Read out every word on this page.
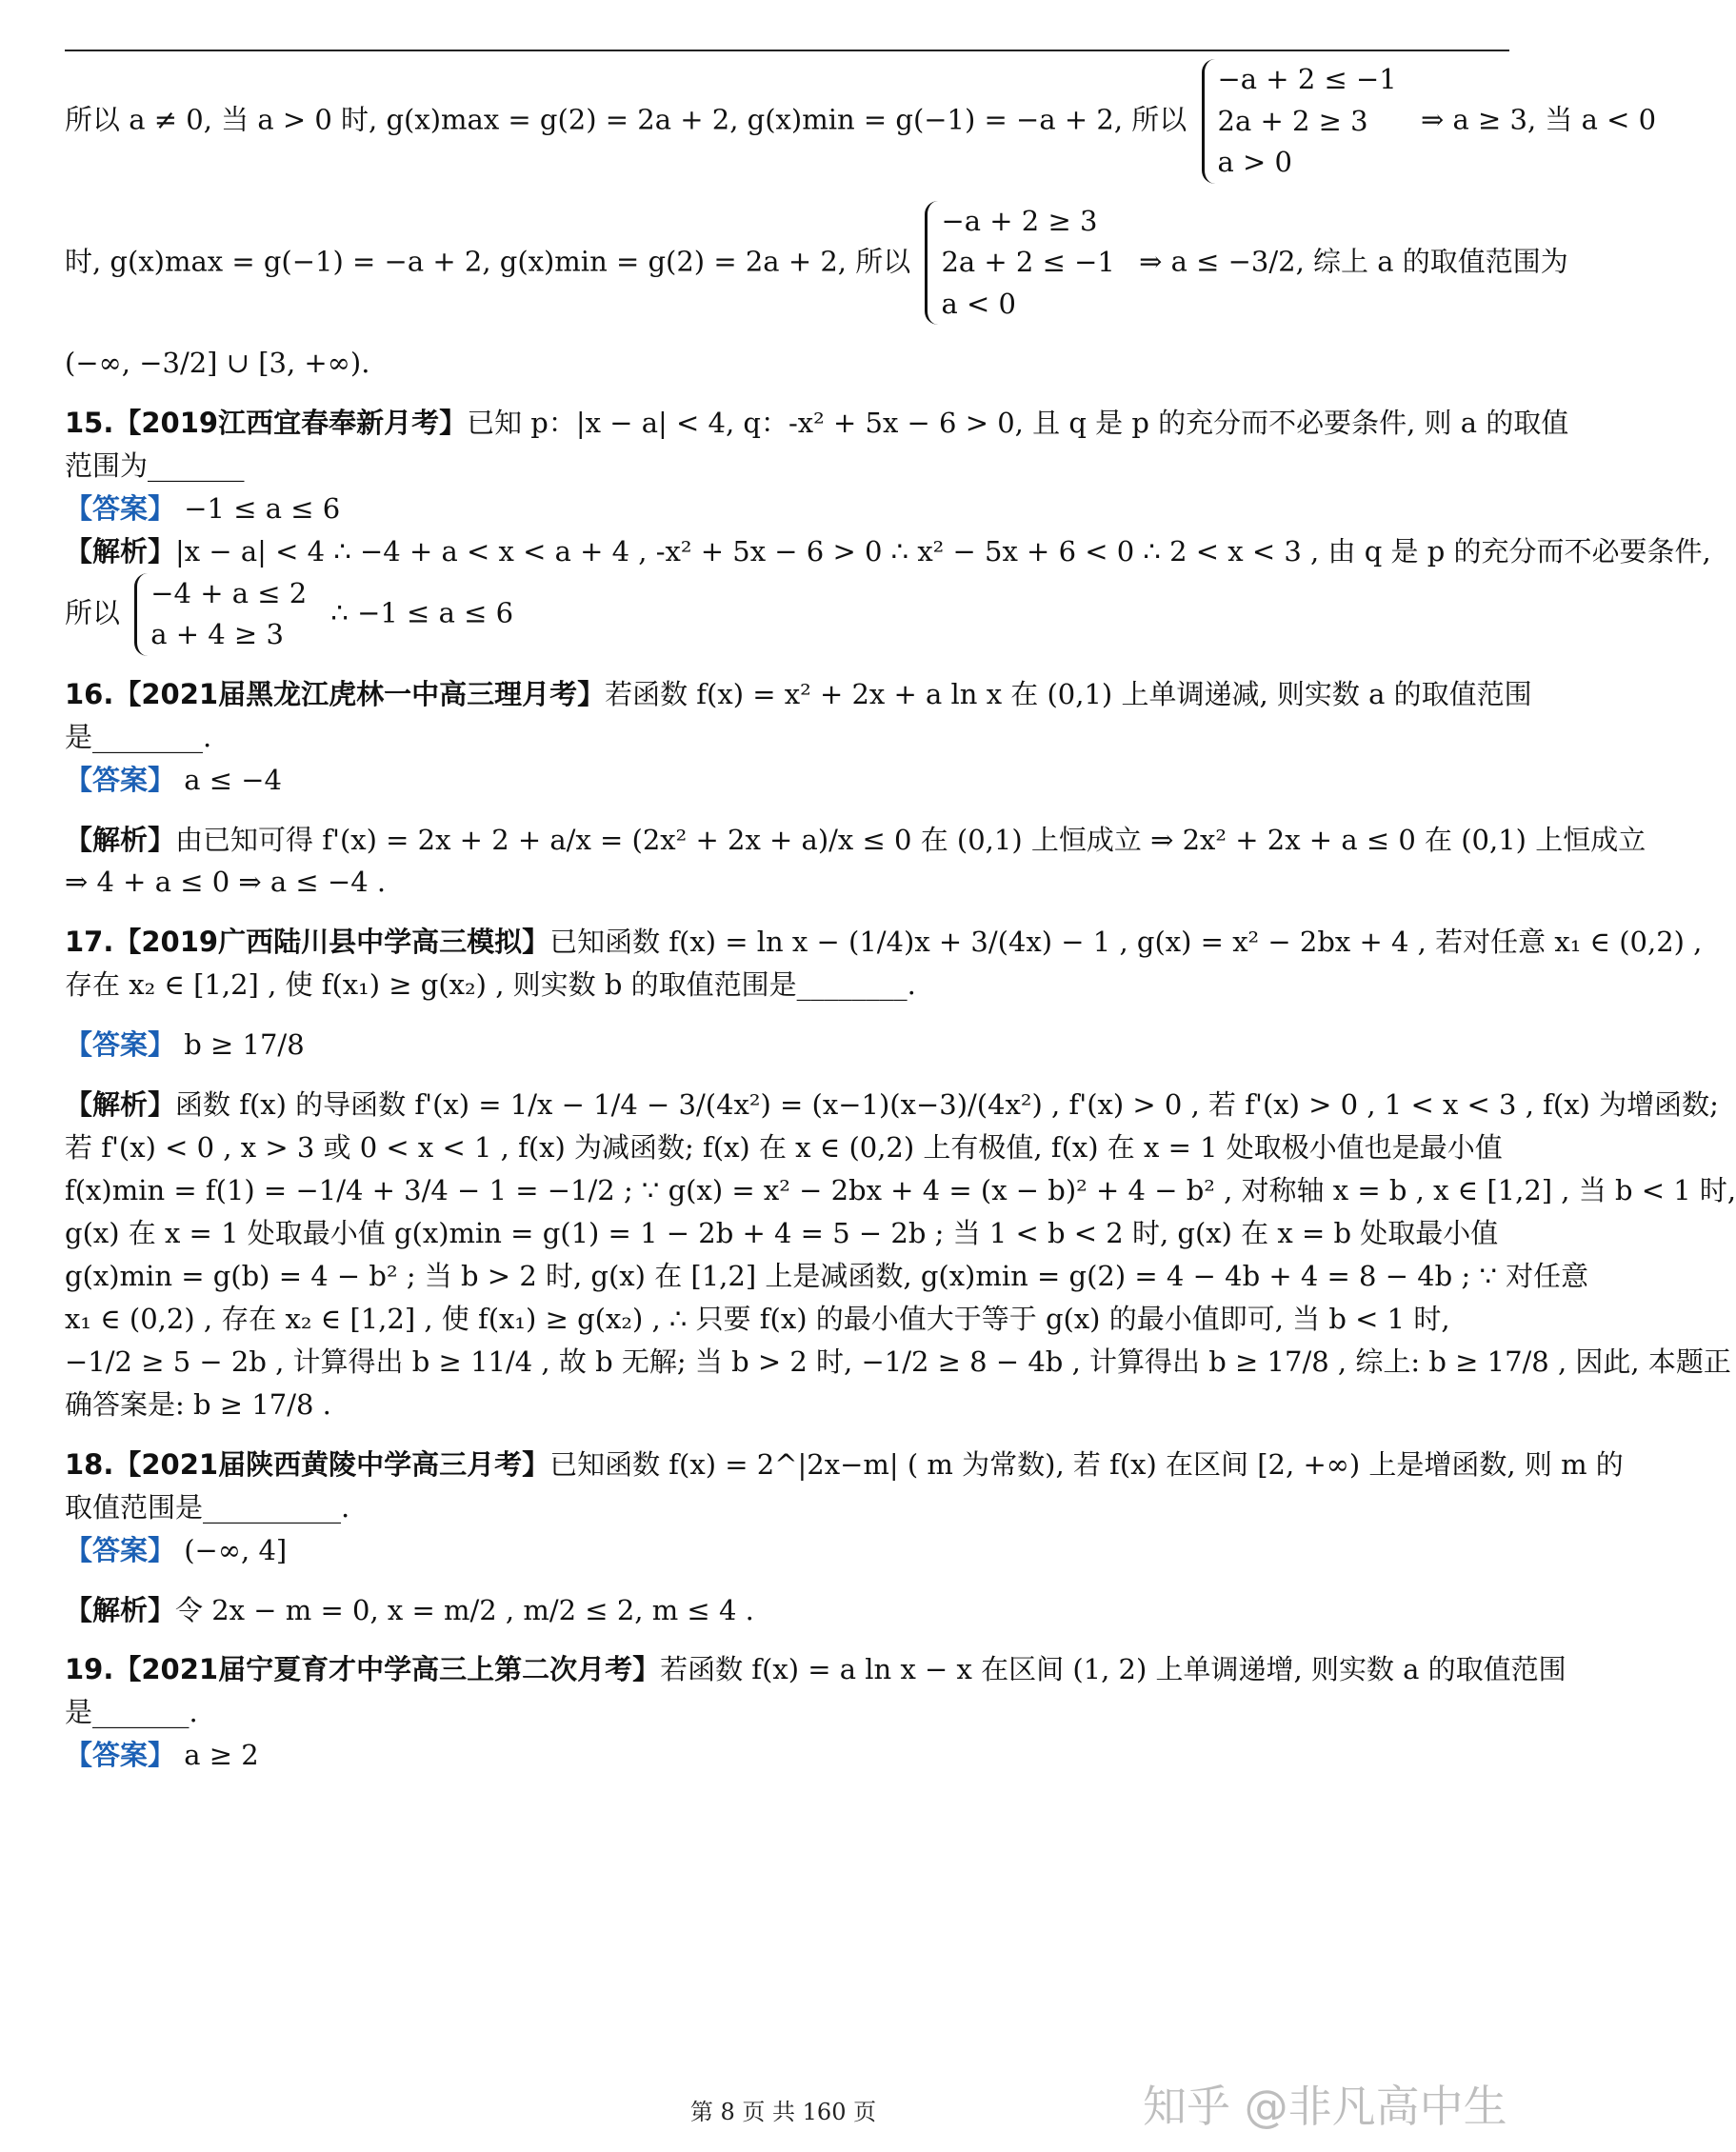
所以 a ≠ 0, 当 a > 0 时, g(x)max = g(2) = 2a + 2, g(x)min = g(−1) = −a + 2, 所以
−a + 2 ≤ −1
2a + 2 ≥ 3
a > 0
⇒ a ≥ 3, 当 a < 0
时, g(x)max = g(−1) = −a + 2, g(x)min = g(2) = 2a + 2, 所以
−a + 2 ≥ 3
2a + 2 ≤ −1
a < 0
⇒ a ≤ −3/2, 综上 a 的取值范围为
(−∞, −3/2] ∪ [3, +∞).
15.【2019江西宜春奉新月考】已知 p：|x − a| < 4, q：-x² + 5x − 6 > 0, 且 q 是 p 的充分而不必要条件, 则 a 的取值
范围为_______
【答案】 −1 ≤ a ≤ 6
【解析】|x − a| < 4 ∴ −4 + a < x < a + 4 , -x² + 5x − 6 > 0 ∴ x² − 5x + 6 < 0 ∴ 2 < x < 3 , 由 q 是 p 的充分而不必要条件,
所以
−4 + a ≤ 2
a + 4 ≥ 3
∴ −1 ≤ a ≤ 6
16.【2021届黑龙江虎林一中高三理月考】若函数 f(x) = x² + 2x + a ln x 在 (0,1) 上单调递减, 则实数 a 的取值范围
是________.
【答案】 a ≤ −4
【解析】由已知可得 f'(x) = 2x + 2 + a/x = (2x² + 2x + a)/x ≤ 0 在 (0,1) 上恒成立 ⇒ 2x² + 2x + a ≤ 0 在 (0,1) 上恒成立
⇒ 4 + a ≤ 0 ⇒ a ≤ −4 .
17.【2019广西陆川县中学高三模拟】已知函数 f(x) = ln x − (1/4)x + 3/(4x) − 1 , g(x) = x² − 2bx + 4 , 若对任意 x₁ ∈ (0,2) ,
存在 x₂ ∈ [1,2] , 使 f(x₁) ≥ g(x₂) , 则实数 b 的取值范围是________.
【答案】 b ≥ 17/8
【解析】函数 f(x) 的导函数 f'(x) = 1/x − 1/4 − 3/(4x²) = (x−1)(x−3)/(4x²) , f'(x) > 0 , 若 f'(x) > 0 , 1 < x < 3 , f(x) 为增函数;
若 f'(x) < 0 , x > 3 或 0 < x < 1 , f(x) 为减函数; f(x) 在 x ∈ (0,2) 上有极值, f(x) 在 x = 1 处取极小值也是最小值
f(x)min = f(1) = −1/4 + 3/4 − 1 = −1/2 ; ∵ g(x) = x² − 2bx + 4 = (x − b)² + 4 − b² , 对称轴 x = b , x ∈ [1,2] , 当 b < 1 时,
g(x) 在 x = 1 处取最小值 g(x)min = g(1) = 1 − 2b + 4 = 5 − 2b ; 当 1 < b < 2 时, g(x) 在 x = b 处取最小值
g(x)min = g(b) = 4 − b² ; 当 b > 2 时, g(x) 在 [1,2] 上是减函数, g(x)min = g(2) = 4 − 4b + 4 = 8 − 4b ; ∵ 对任意
x₁ ∈ (0,2) , 存在 x₂ ∈ [1,2] , 使 f(x₁) ≥ g(x₂) , ∴ 只要 f(x) 的最小值大于等于 g(x) 的最小值即可, 当 b < 1 时,
−1/2 ≥ 5 − 2b , 计算得出 b ≥ 11/4 , 故 b 无解; 当 b > 2 时, −1/2 ≥ 8 − 4b , 计算得出 b ≥ 17/8 , 综上: b ≥ 17/8 , 因此, 本题正
确答案是: b ≥ 17/8 .
18.【2021届陕西黄陵中学高三月考】已知函数 f(x) = 2^|2x−m| ( m 为常数), 若 f(x) 在区间 [2, +∞) 上是增函数, 则 m 的
取值范围是__________.
【答案】 (−∞, 4]
【解析】令 2x − m = 0, x = m/2 , m/2 ≤ 2, m ≤ 4 .
19.【2021届宁夏育才中学高三上第二次月考】若函数 f(x) = a ln x − x 在区间 (1, 2) 上单调递增, 则实数 a 的取值范围
是_______.
【答案】 a ≥ 2
第 8 页 共 160 页	知乎 @非凡高中生
